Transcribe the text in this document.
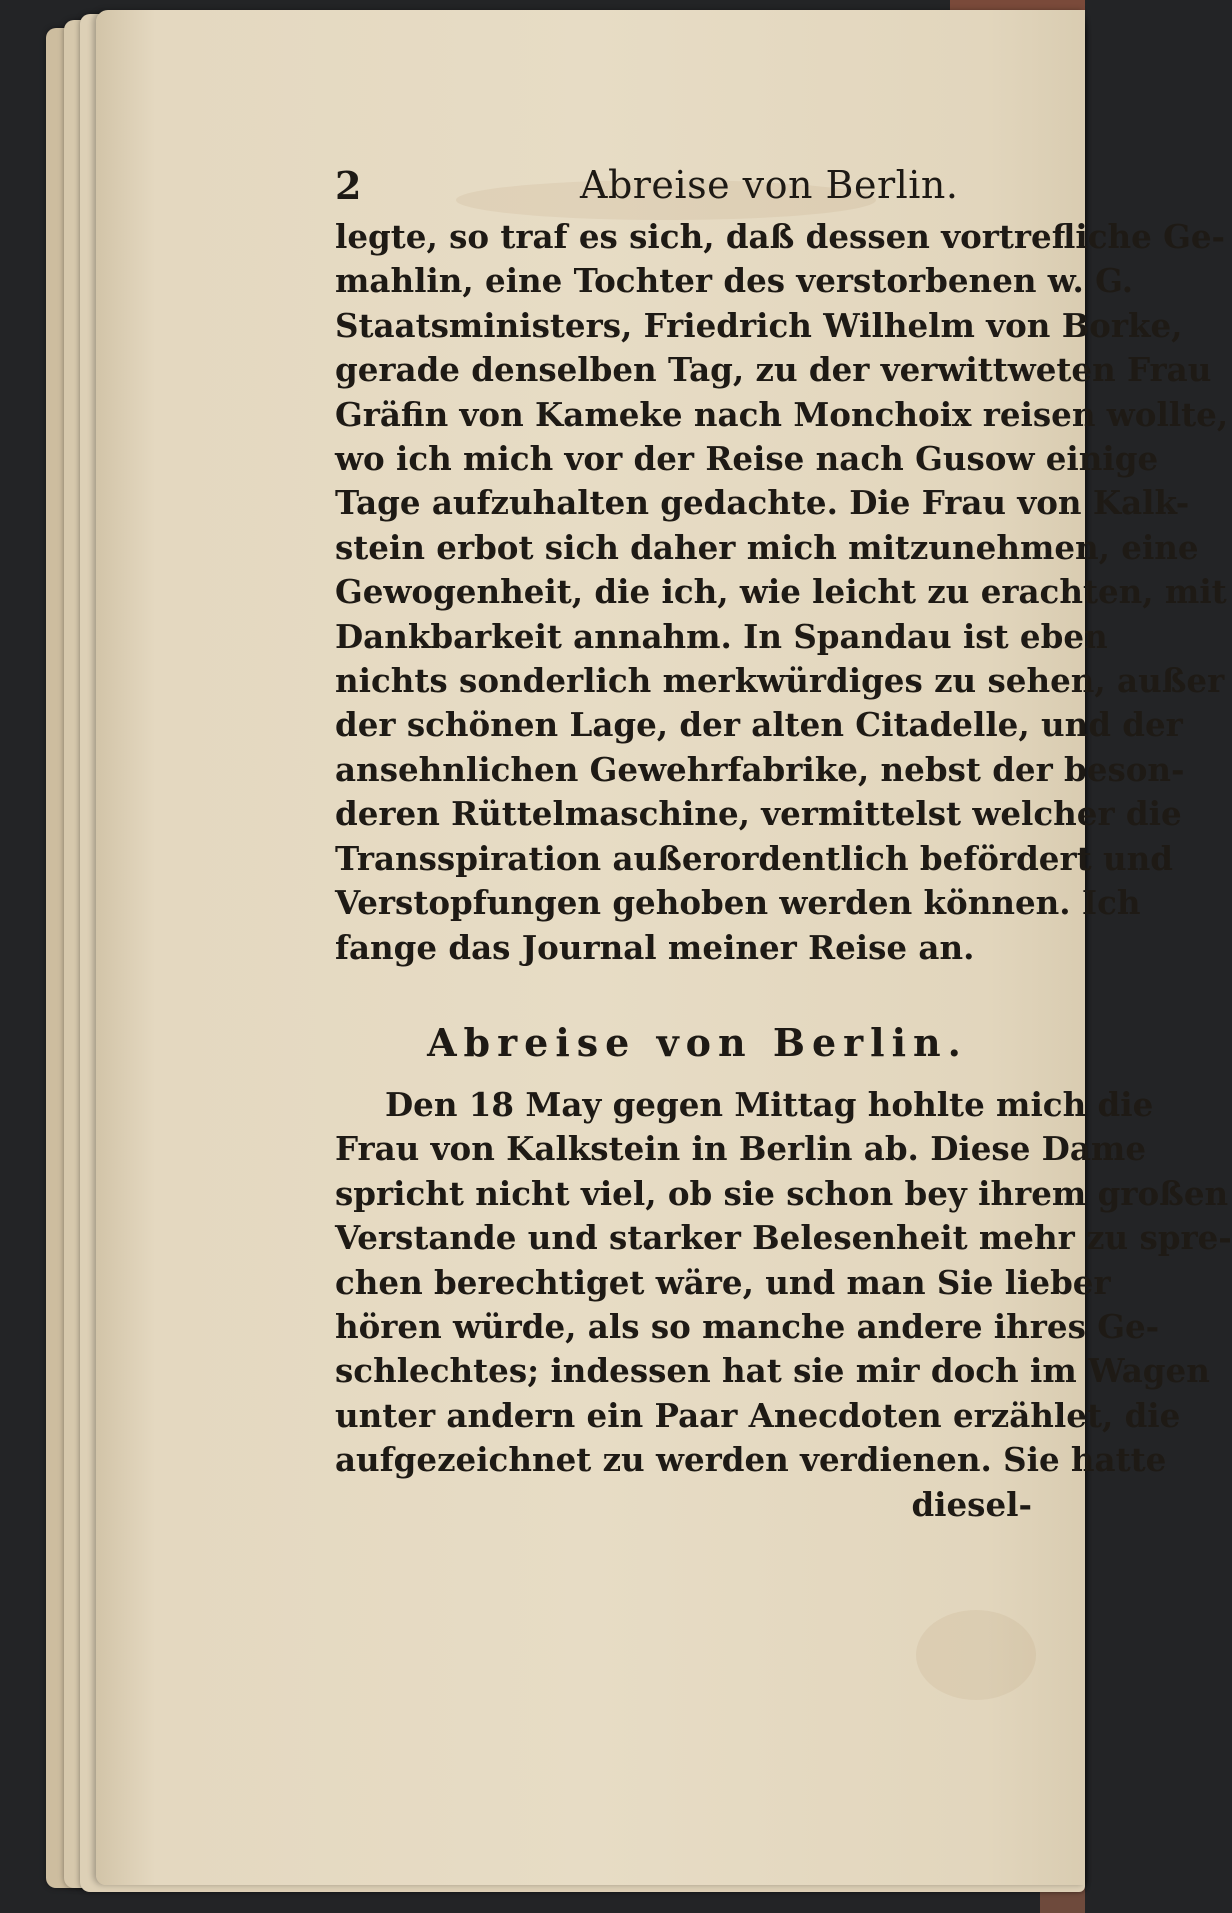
2	Abreise von Berlin.
legte, so traf es sich, daß dessen vortrefliche Ge-
mahlin, eine Tochter des verstorbenen w. G.
Staatsministers, Friedrich Wilhelm von Borke,
gerade denselben Tag, zu der verwittweten Frau
Gräfin von Kameke nach Monchoix reisen wollte,
wo ich mich vor der Reise nach Gusow einige
Tage aufzuhalten gedachte. Die Frau von Kalk-
stein erbot sich daher mich mitzunehmen, eine
Gewogenheit, die ich, wie leicht zu erachten, mit
Dankbarkeit annahm. In Spandau ist eben
nichts sonderlich merkwürdiges zu sehen, außer
der schönen Lage, der alten Citadelle, und der
ansehnlichen Gewehrfabrike, nebst der beson-
deren Rüttelmaschine, vermittelst welcher die
Transspiration außerordentlich befördert und
Verstopfungen gehoben werden können. Ich
fange das Journal meiner Reise an.
Abreise von Berlin.
Den 18 May gegen Mittag hohlte mich die
Frau von Kalkstein in Berlin ab. Diese Dame
spricht nicht viel, ob sie schon bey ihrem großen
Verstande und starker Belesenheit mehr zu spre-
chen berechtiget wäre, und man Sie lieber
hören würde, als so manche andere ihres Ge-
schlechtes; indessen hat sie mir doch im Wagen
unter andern ein Paar Anecdoten erzählet, die
aufgezeichnet zu werden verdienen. Sie hatte
diesel-
